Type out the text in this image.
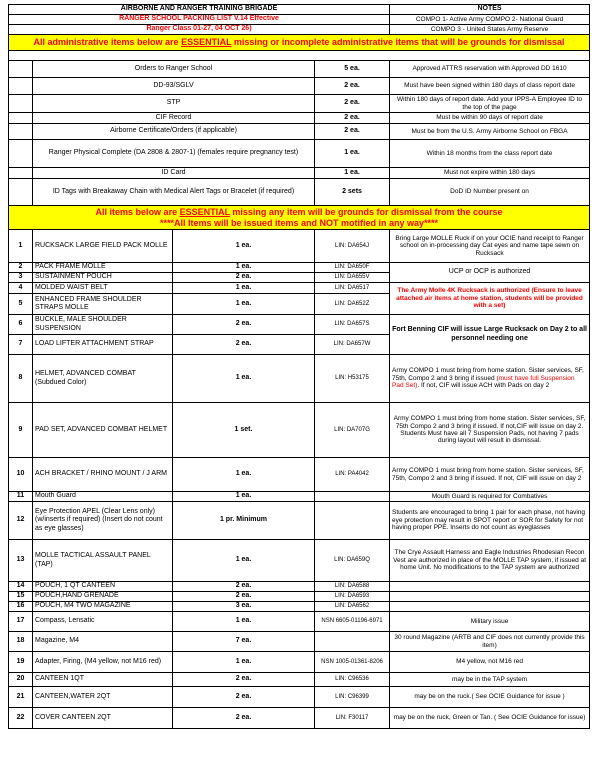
AIRBORNE AND RANGER TRAINING BRIGADE				NOTES
RANGER SCHOOL PACKING LIST V.14 Effective				COMPO 1- Active Army COMPO 2- National Guard
Ranger Class 01-27, 04 OCT 26)				COMPO 3 - United States Army Reserve
All administrative items below are ESSENTIAL missing or incomplete administrative items that will be grounds for dismissal				

	Orders to Ranger School		5 ea.	Approved ATTRS reservation with Approved DD 1610
	DD-93/SGLV		2 ea.	Must have been signed within 180 days of class report date
	STP		2 ea.	Within 180 days of report date. Add your IPPS-A Employee ID to the top of the page
	CIF Record		2 ea.	Must be within 90 days of report date
	Airborne Certificate/Orders (if applicable)		2 ea.	Must be from the U.S. Army Airborne School on FBGA
	Ranger Physical Complete (DA 2808 & 2807-1) (females require pregnancy test)		1 ea.	Within 18 months from the class report date
	ID Card		1 ea.	Must not expire within 180 days
	ID Tags with Breakaway Chain with Medical Alert Tags or Bracelet (if required)		2 sets	DoD ID Number present on
All items below are ESSENTIAL missing any item will be grounds for dismissal from the course
****All Items will be issued items and NOT motified in any way****				
1	RUCKSACK LARGE FIELD PACK MOLLE	1 ea.	LIN: DA654J	Bring Large MOLLE Ruck if on your OCIE hand receipt to Ranger school on in-processing day Cat eyes and name tape sewn on Rucksack
2	PACK FRAME MOLLE	1 ea.	LIN: DA650F	UCP or OCP is authorized
3	SUSTAINMENT POUCH	2 ea.	LIN: DA655V	
4	MOLDED WAIST BELT	1 ea.	LIN: DA6517	The Army Molle 4K Rucksack is authorized (Ensure to leave attached air items at home station, students will be provided with a set)
5	ENHANCED FRAME SHOULDER STRAPS MOLLE	1 ea.	LIN: DA652Z	
6	BUCKLE, MALE SHOULDER SUSPENSION	2 ea.	LIN: DA657S	Fort Benning CIF will issue Large Rucksack on Day 2 to all personnel needing one
7	LOAD LIFTER ATTACHMENT STRAP	2 ea.	LIN: DA657W	
8	HELMET, ADVANCED COMBAT
(Subdued Color)	1 ea.	LIN: H53175	Army COMPO 1 must bring from home station. Sister services, SF, 75th, Compo 2 and 3 bring if issued (must have full Suspension Pad Set). If not, CIF will issue ACH with Pads on day 2
9	PAD SET, ADVANCED COMBAT HELMET	1 set.	LIN: DA707G	Army COMPO 1 must bring from home station. Sister services, SF, 75th Compo 2 and 3 bring if issued. If not,CIF will issue on day 2. Students Must have all 7 Suspension Pads, not having 7 pads during layout will result in dismissal.
10	ACH BRACKET / RHINO MOUNT / J ARM	1 ea.	LIN: PA4042	Army COMPO 1 must bring from home station. Sister services, SF, 75th, Compo 2 and 3 bring if issued. If not, CIF will issue on day 2
11	Mouth Guard	1 ea.		Mouth Guard is required for Combatives
12	Eye Protection APEL (Clear Lens only) (w/inserts if required) (Insert do not count as eye glasses)	1 pr. Minimum		Students are encouraged to bring 1 pair for each phase, not having eye protection may result in SPOT report or SOR for Safety for not having proper PPE. Inserts do not count as eyeglasses
13	MOLLE TACTICAL ASSAULT PANEL (TAP)	1 ea.	LIN: DA659Q	The Crye Assault Harness and Eagle Industries Rhodesian Recon Vest are authorized in place of the MOLLE TAP system, if issued at home Unit. No modifications to the TAP system are authorized
14	POUCH, 1 QT CANTEEN	2 ea.	LIN: DA6588	
15	POUCH,HAND GRENADE	2 ea.	LIN: DA6593	
16	POUCH, M4 TWO MAGAZINE	3 ea.	LIN: DA6562	
17	Compass, Lensatic	1 ea.	NSN 6605-01196-6971	Military issue
18	Magazine, M4	7 ea.		30 round Magazine (ARTB and CIF does not currently provide this item)
19	Adapter, Firing, (M4 yellow, not M16 red)	1 ea.	NSN 1005-01361-8206	M4 yellow, not M16 red
20	CANTEEN 1QT	2 ea.	LIN: C96536	may be in the TAP system
21	CANTEEN,WATER 2QT	2 ea.	LIN: C96399	may be on the ruck.( See OCIE Guidance for issue )
22	COVER CANTEEN 2QT	2 ea.	LIN: F30117	may be on the ruck, Green or Tan. ( See OCIE Guidance for issue)
